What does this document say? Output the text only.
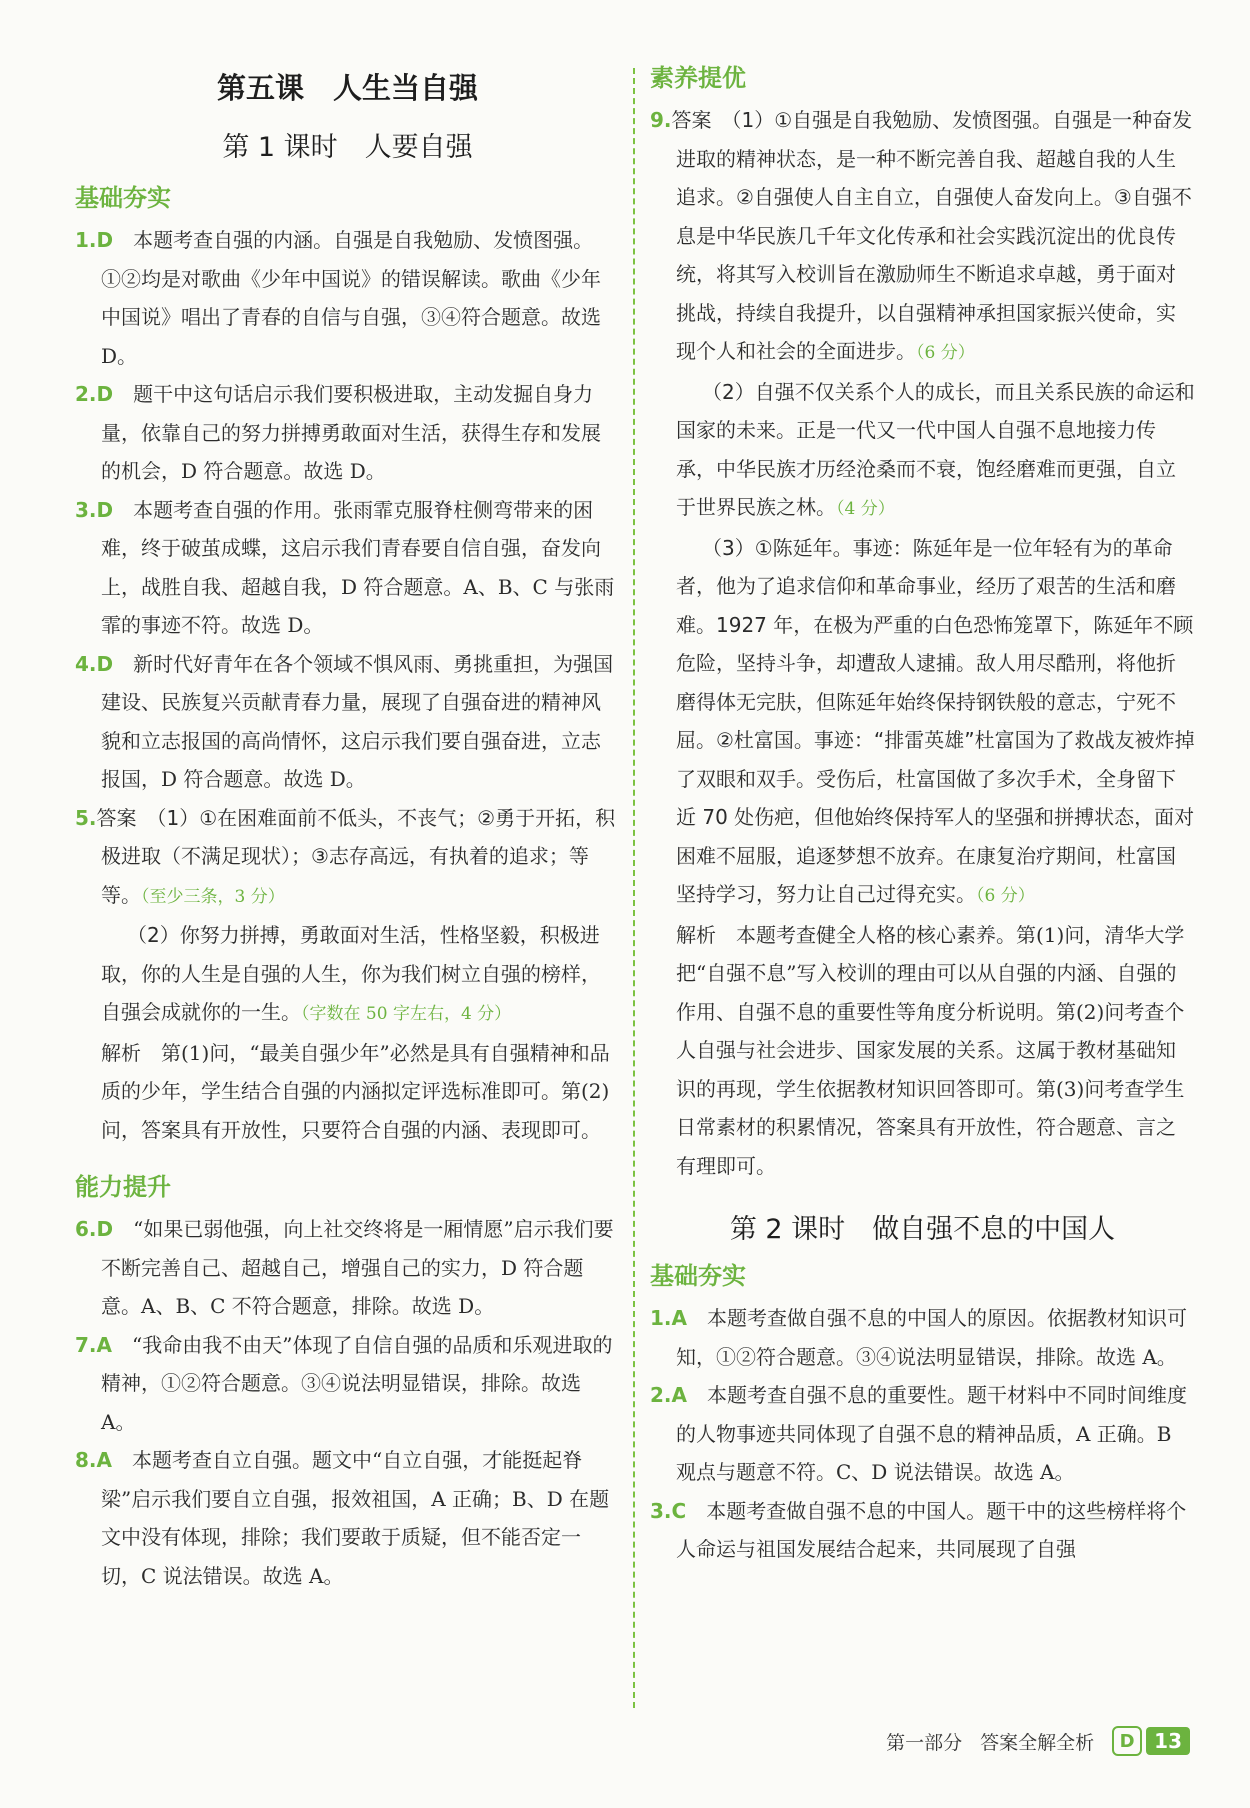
第五课　人生当自强
第 1 课时　人要自强
基础夯实

1.D　 本题考查自强的内涵。自强是自我勉励、发愤图强。①②均是对歌曲《少年中国说》的错误解读。歌曲《少年中国说》唱出了青春的自信与自强，③④符合题意。故选 D。

2.D　 题干中这句话启示我们要积极进取，主动发掘自身力量，依靠自己的努力拼搏勇敢面对生活，获得生存和发展的机会，D 符合题意。故选 D。

3.D　 本题考查自强的作用。张雨霏克服脊柱侧弯带来的困难，终于破茧成蝶，这启示我们青春要自信自强，奋发向上，战胜自我、超越自我，D 符合题意。A、B、C 与张雨霏的事迹不符。故选 D。

4.D　 新时代好青年在各个领域不惧风雨、勇挑重担，为强国建设、民族复兴贡献青春力量，展现了自强奋进的精神风貌和立志报国的高尚情怀，这启示我们要自强奋进，立志报国，D 符合题意。故选 D。

5.答案　 （1）①在困难面前不低头，不丧气；②勇于开拓，积极进取（不满足现状）；③志存高远，有执着的追求；等等。（至少三条，3 分）

（2）你努力拼搏，勇敢面对生活，性格坚毅，积极进取，你的人生是自强的人生，你为我们树立自强的榜样，自强会成就你的一生。（字数在 50 字左右，4 分）

解析　 第(1)问，“最美自强少年”必然是具有自强精神和品质的少年，学生结合自强的内涵拟定评选标准即可。第(2)问，答案具有开放性，只要符合自强的内涵、表现即可。

能力提升

6.D　 “如果已弱他强，向上社交终将是一厢情愿”启示我们要不断完善自己、超越自己，增强自己的实力，D 符合题意。A、B、C 不符合题意，排除。故选 D。

7.A　 “我命由我不由天”体现了自信自强的品质和乐观进取的精神，①②符合题意。③④说法明显错误，排除。故选 A。

8.A　 本题考查自立自强。题文中“自立自强，才能挺起脊梁”启示我们要自立自强，报效祖国，A 正确；B、D 在题文中没有体现，排除；我们要敢于质疑，但不能否定一切，C 说法错误。故选 A。

素养提优

9.答案　 （1）①自强是自我勉励、发愤图强。自强是一种奋发进取的精神状态，是一种不断完善自我、超越自我的人生追求。②自强使人自主自立，自强使人奋发向上。③自强不息是中华民族几千年文化传承和社会实践沉淀出的优良传统，将其写入校训旨在激励师生不断追求卓越，勇于面对挑战，持续自我提升，以自强精神承担国家振兴使命，实现个人和社会的全面进步。（6 分）

（2）自强不仅关系个人的成长，而且关系民族的命运和国家的未来。正是一代又一代中国人自强不息地接力传承，中华民族才历经沧桑而不衰，饱经磨难而更强，自立于世界民族之林。（4 分）

（3）①陈延年。事迹：陈延年是一位年轻有为的革命者，他为了追求信仰和革命事业，经历了艰苦的生活和磨难。1927 年，在极为严重的白色恐怖笼罩下，陈延年不顾危险，坚持斗争，却遭敌人逮捕。敌人用尽酷刑，将他折磨得体无完肤，但陈延年始终保持钢铁般的意志，宁死不屈。②杜富国。事迹：“排雷英雄”杜富国为了救战友被炸掉了双眼和双手。受伤后，杜富国做了多次手术，全身留下近 70 处伤疤，但他始终保持军人的坚强和拼搏状态，面对困难不屈服，追逐梦想不放弃。在康复治疗期间，杜富国坚持学习，努力让自己过得充实。（6 分）

解析　 本题考查健全人格的核心素养。第(1)问，清华大学把“自强不息”写入校训的理由可以从自强的内涵、自强的作用、自强不息的重要性等角度分析说明。第(2)问考查个人自强与社会进步、国家发展的关系。这属于教材基础知识的再现，学生依据教材知识回答即可。第(3)问考查学生日常素材的积累情况，答案具有开放性，符合题意、言之有理即可。

第 2 课时　做自强不息的中国人
基础夯实

1.A　 本题考查做自强不息的中国人的原因。依据教材知识可知，①②符合题意。③④说法明显错误，排除。故选 A。

2.A　 本题考查自强不息的重要性。题干材料中不同时间维度的人物事迹共同体现了自强不息的精神品质，A 正确。B 观点与题意不符。C、D 说法错误。故选 A。

3.C　 本题考查做自强不息的中国人。题干中的这些榜样将个人命运与祖国发展结合起来，共同展现了自强

第一部分 答案全解全析	D 13
